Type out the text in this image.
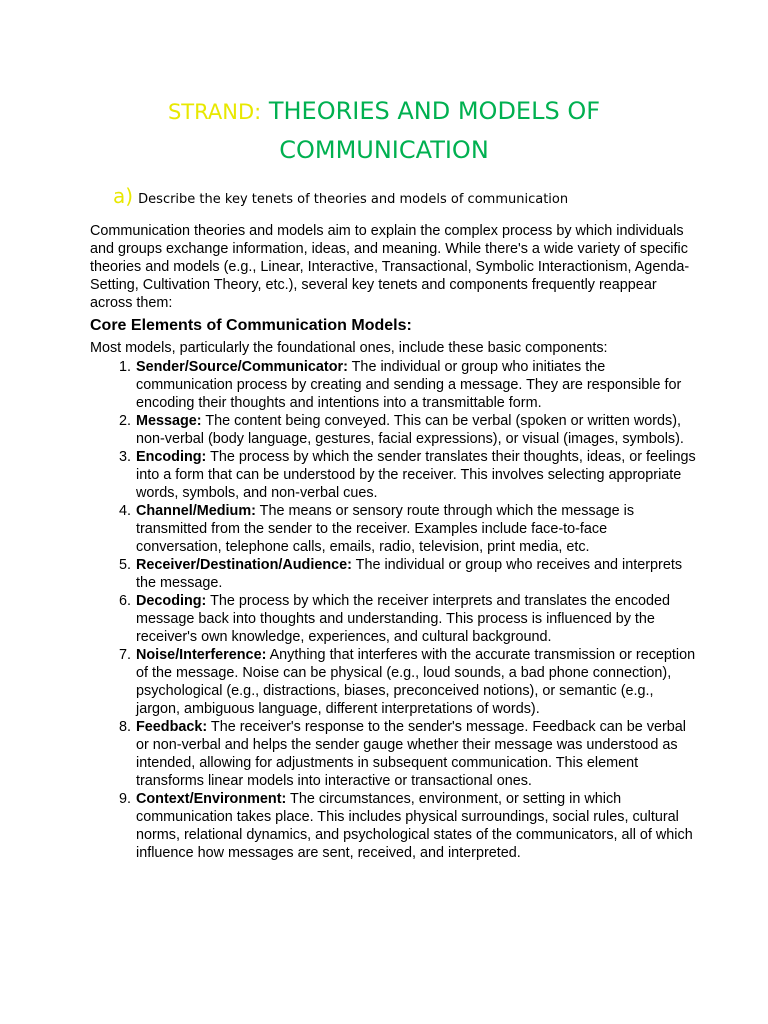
STRAND: THEORIES AND MODELS OF
COMMUNICATION
a) Describe the key tenets of theories and models of communication

Communication theories and models aim to explain the complex process by which individuals and groups exchange information, ideas, and meaning. While there's a wide variety of specific theories and models (e.g., Linear, Interactive, Transactional, Symbolic Interactionism, Agenda-Setting, Cultivation Theory, etc.), several key tenets and components frequently reappear across them:

Core Elements of Communication Models:

Most models, particularly the foundational ones, include these basic components:

1. Sender/Source/Communicator: The individual or group who initiates the communication process by creating and sending a message. They are responsible for encoding their thoughts and intentions into a transmittable form.
2. Message: The content being conveyed. This can be verbal (spoken or written words), non-verbal (body language, gestures, facial expressions), or visual (images, symbols).
3. Encoding: The process by which the sender translates their thoughts, ideas, or feelings into a form that can be understood by the receiver. This involves selecting appropriate words, symbols, and non-verbal cues.
4. Channel/Medium: The means or sensory route through which the message is transmitted from the sender to the receiver. Examples include face-to-face conversation, telephone calls, emails, radio, television, print media, etc.
5. Receiver/Destination/Audience: The individual or group who receives and interprets the message.
6. Decoding: The process by which the receiver interprets and translates the encoded message back into thoughts and understanding. This process is influenced by the receiver's own knowledge, experiences, and cultural background.
7. Noise/Interference: Anything that interferes with the accurate transmission or reception of the message. Noise can be physical (e.g., loud sounds, a bad phone connection), psychological (e.g., distractions, biases, preconceived notions), or semantic (e.g., jargon, ambiguous language, different interpretations of words).
8. Feedback: The receiver's response to the sender's message. Feedback can be verbal or non-verbal and helps the sender gauge whether their message was understood as intended, allowing for adjustments in subsequent communication. This element transforms linear models into interactive or transactional ones.
9. Context/Environment: The circumstances, environment, or setting in which communication takes place. This includes physical surroundings, social rules, cultural norms, relational dynamics, and psychological states of the communicators, all of which influence how messages are sent, received, and interpreted.
